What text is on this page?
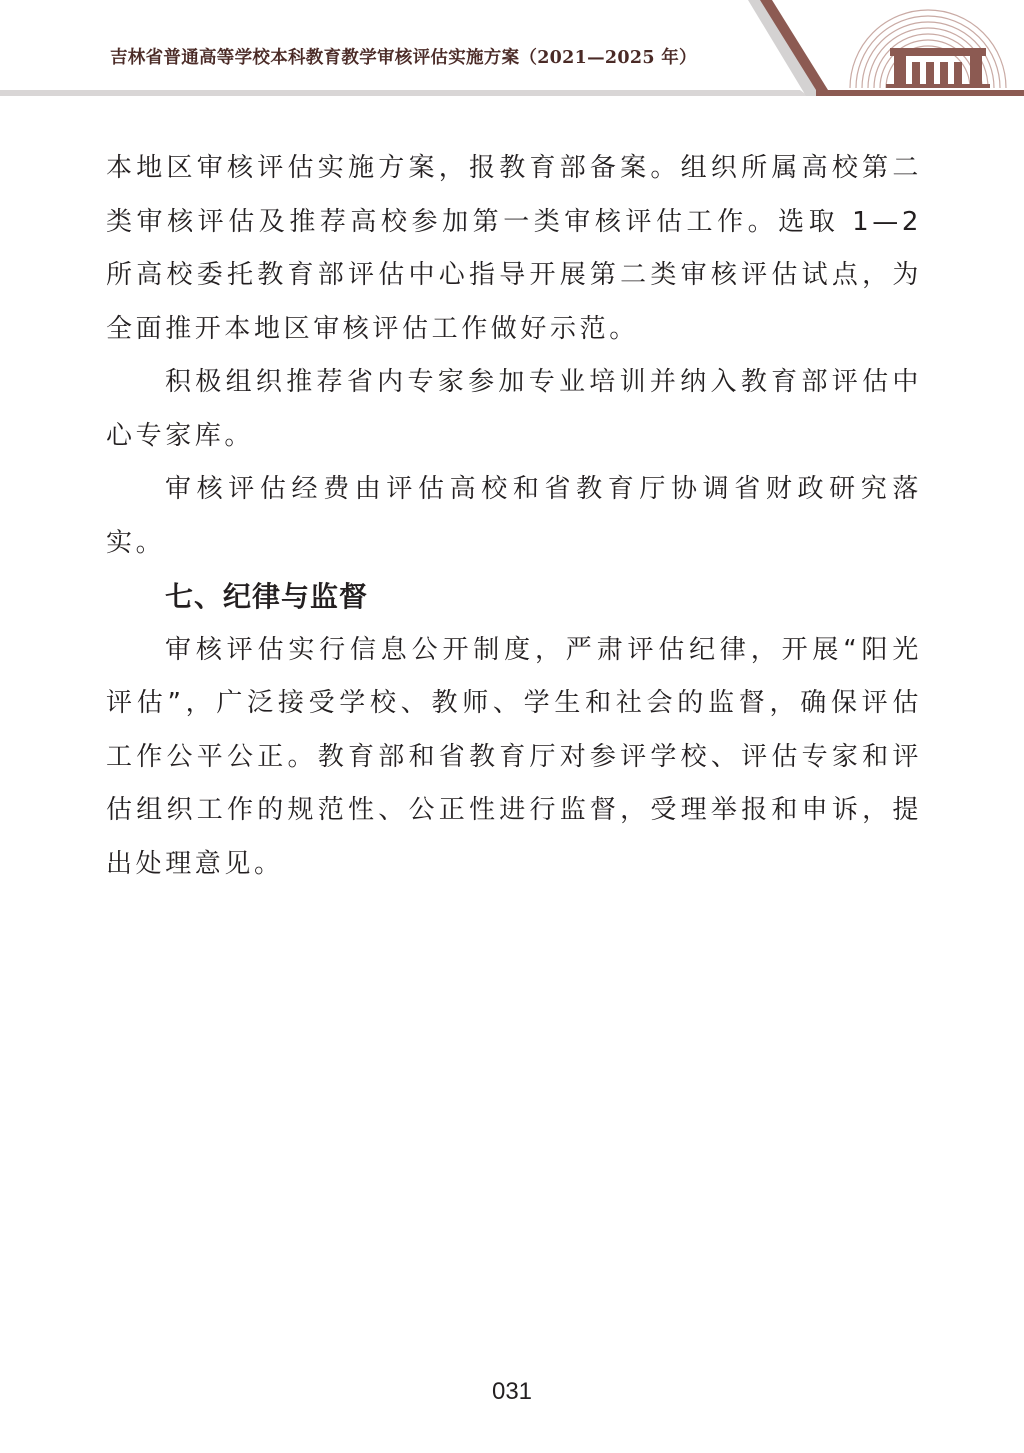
吉林省普通高等学校本科教育教学审核评估实施方案（2021—2025 年）

本地区审核评估实施方案，报教育部备案。组织所属高校第二类审核评估及推荐高校参加第一类审核评估工作。选取 1—2 所高校委托教育部评估中心指导开展第二类审核评估试点，为全面推开本地区审核评估工作做好示范。

积极组织推荐省内专家参加专业培训并纳入教育部评估中心专家库。

审核评估经费由评估高校和省教育厅协调省财政研究落实。

七、纪律与监督

审核评估实行信息公开制度，严肃评估纪律，开展“阳光评估”，广泛接受学校、教师、学生和社会的监督，确保评估工作公平公正。教育部和省教育厅对参评学校、评估专家和评估组织工作的规范性、公正性进行监督，受理举报和申诉，提出处理意见。

031
